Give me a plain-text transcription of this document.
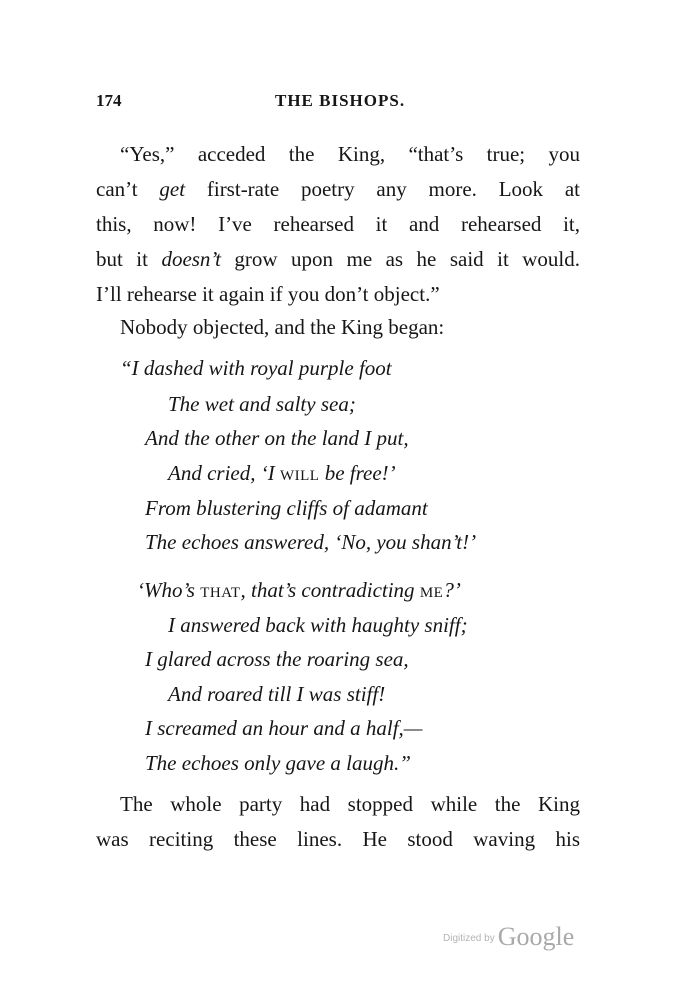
174	THE BISHOPS.
“Yes,” acceded the King, “that’s true; you
can’t get first-rate poetry any more. Look at
this, now! I’ve rehearsed it and rehearsed it,
but it doesn’t grow upon me as he said it would.
I’ll rehearse it again if you don’t object.”
Nobody objected, and the King began:
“I dashed with royal purple foot
The wet and salty sea;
And the other on the land I put,
And cried, ‘I will be free!’
From blustering cliffs of adamant
The echoes answered, ‘No, you shan’t!’
‘Who’s that, that’s contradicting me?’
I answered back with haughty sniff;
I glared across the roaring sea,
And roared till I was stiff!
I screamed an hour and a half,—
The echoes only gave a laugh.”
The whole party had stopped while the King
was reciting these lines. He stood waving his
$^{Digitized by}$ Google
